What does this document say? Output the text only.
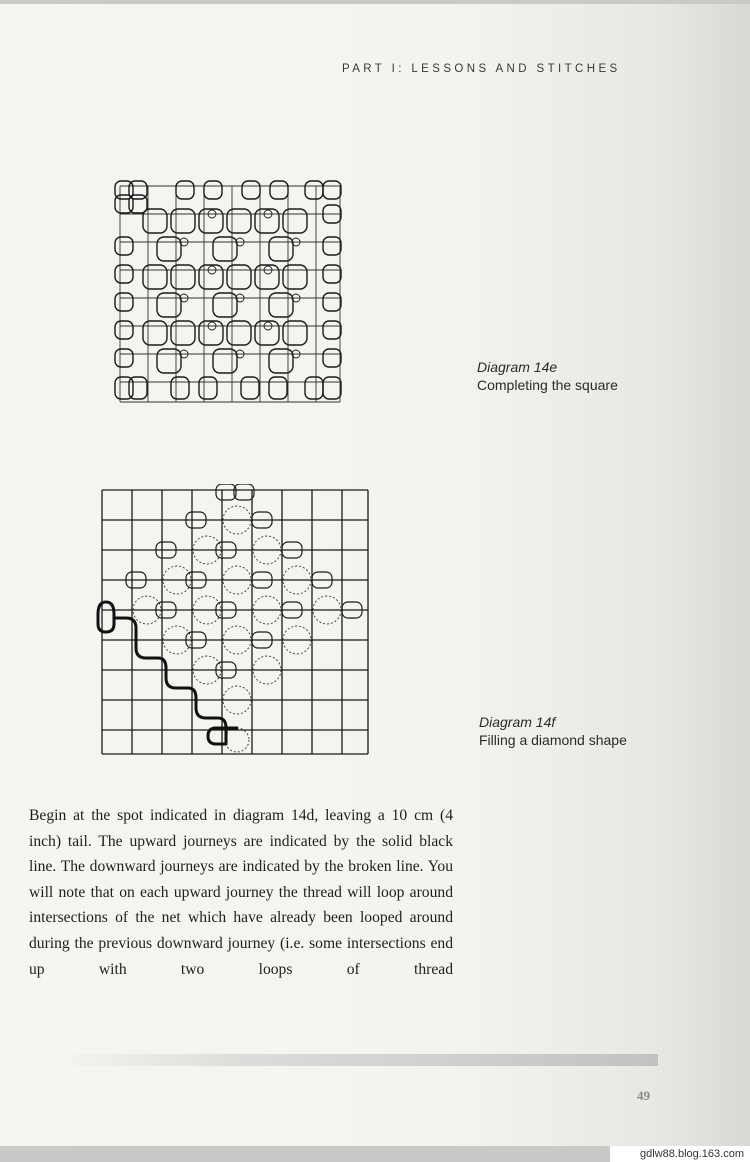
PART I: LESSONS AND STITCHES
Diagram 14e
Completing the square
Diagram 14f
Filling a diamond shape

Begin at the spot indicated in diagram 14d, leaving a 10 cm (4 inch) tail. The upward journeys are indicated by the solid black line. The downward journeys are indicated by the broken line. You will note that on each upward journey the thread will loop around intersections of the net which have already been looped around during the previous downward journey (i.e. some intersections end up with two loops of thread

49
gdlw88.blog.163.com
